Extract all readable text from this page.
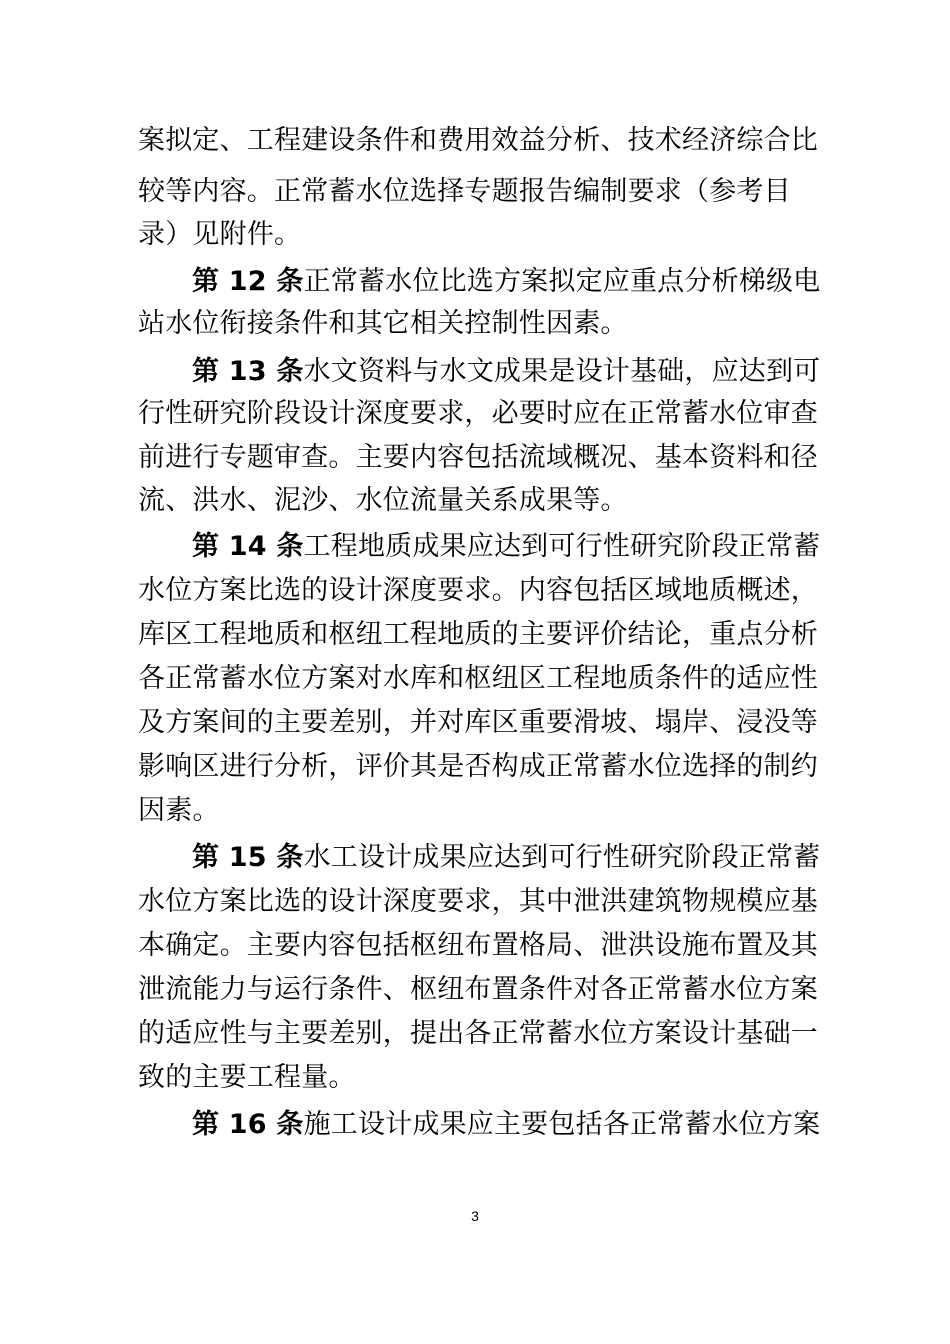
案拟定、工程建设条件和费用效益分析、技术经济综合比
较等内容。正常蓄水位选择专题报告编制要求（参考目
录）见附件。
第 12 条正常蓄水位比选方案拟定应重点分析梯级电
站水位衔接条件和其它相关控制性因素。
第 13 条水文资料与水文成果是设计基础，应达到可
行性研究阶段设计深度要求，必要时应在正常蓄水位审查
前进行专题审查。主要内容包括流域概况、基本资料和径
流、洪水、泥沙、水位流量关系成果等。
第 14 条工程地质成果应达到可行性研究阶段正常蓄
水位方案比选的设计深度要求。内容包括区域地质概述，
库区工程地质和枢纽工程地质的主要评价结论，重点分析
各正常蓄水位方案对水库和枢纽区工程地质条件的适应性
及方案间的主要差别，并对库区重要滑坡、塌岸、浸没等
影响区进行分析，评价其是否构成正常蓄水位选择的制约
因素。
第 15 条水工设计成果应达到可行性研究阶段正常蓄
水位方案比选的设计深度要求，其中泄洪建筑物规模应基
本确定。主要内容包括枢纽布置格局、泄洪设施布置及其
泄流能力与运行条件、枢纽布置条件对各正常蓄水位方案
的适应性与主要差别，提出各正常蓄水位方案设计基础一
致的主要工程量。
第 16 条施工设计成果应主要包括各正常蓄水位方案
3
